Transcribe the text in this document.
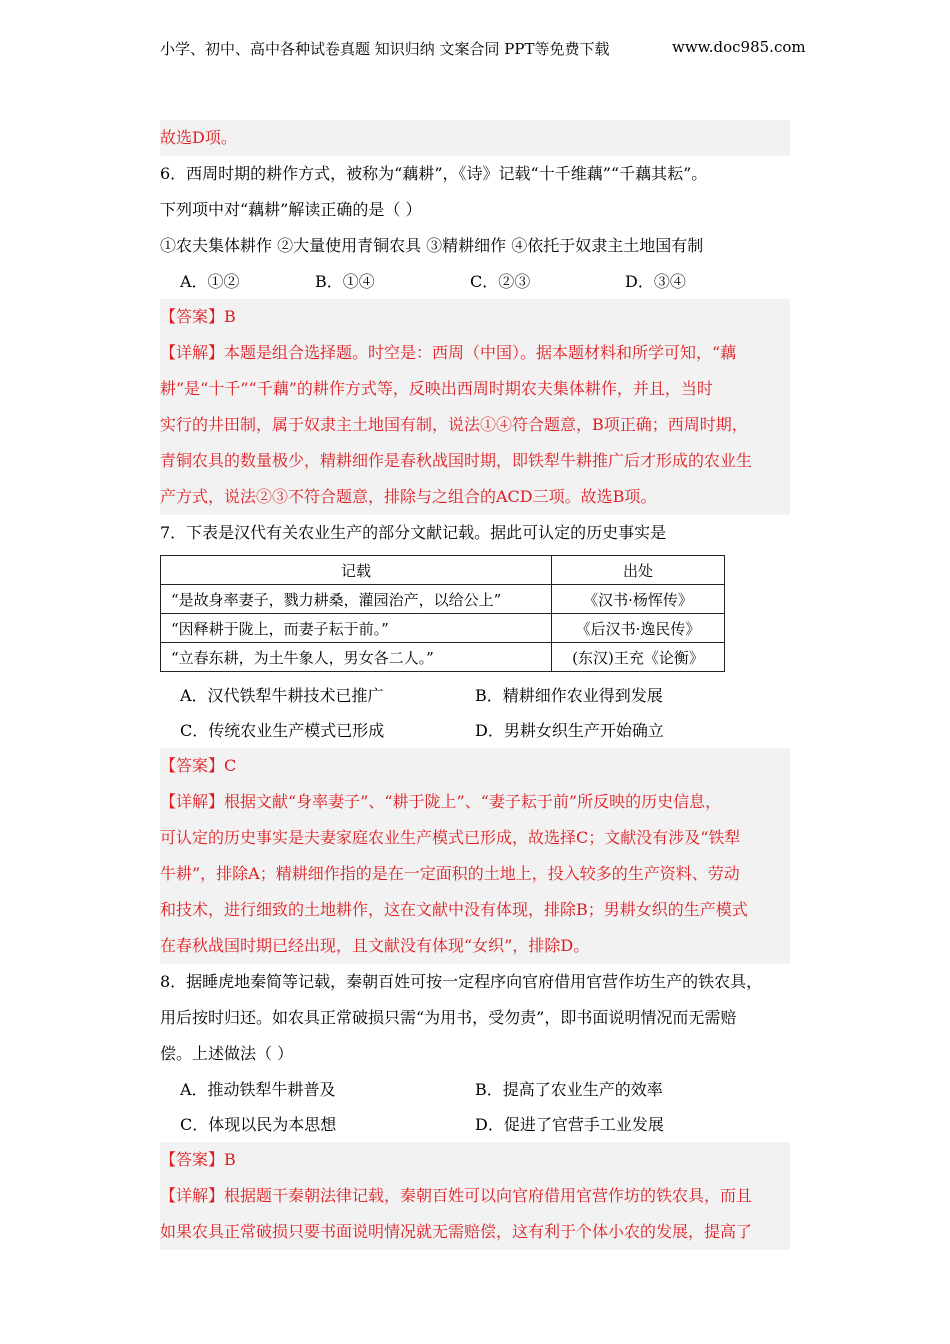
小学、初中、高中各种试卷真题 知识归纳 文案合同 PPT等免费下载	www.doc985.com
故选D项。
6．西周时期的耕作方式，被称为“藕耕”，《诗》记载“十千维藕”“千藕其耘”。
下列项中对“藕耕”解读正确的是（ ）
①农夫集体耕作 ②大量使用青铜农具 ③精耕细作 ④依托于奴隶主土地国有制
A．①②	B．①④	C．②③	D．③④
【答案】B
【详解】本题是组合选择题。时空是：西周（中国）。据本题材料和所学可知，“藕
耕”是“十千”“千藕”的耕作方式等，反映出西周时期农夫集体耕作，并且，当时
实行的井田制，属于奴隶主土地国有制，说法①④符合题意，B项正确；西周时期，
青铜农具的数量极少，精耕细作是春秋战国时期，即铁犁牛耕推广后才形成的农业生
产方式，说法②③不符合题意，排除与之组合的ACD三项。故选B项。
7．下表是汉代有关农业生产的部分文献记载。据此可认定的历史事实是
记载	出处
“是故身率妻子，戮力耕桑，灌园治产，以给公上”	《汉书·杨恽传》
“因释耕于陇上，而妻子耘于前。”	《后汉书·逸民传》
“立春东耕，为土牛象人，男女各二人。”	(东汉)王充《论衡》
A．汉代铁犁牛耕技术已推广	B．精耕细作农业得到发展
C．传统农业生产模式已形成	D．男耕女织生产开始确立
【答案】C
【详解】根据文献“身率妻子”、“耕于陇上”、“妻子耘于前”所反映的历史信息，
可认定的历史事实是夫妻家庭农业生产模式已形成，故选择C；文献没有涉及“铁犁
牛耕”，排除A；精耕细作指的是在一定面积的土地上，投入较多的生产资料、劳动
和技术，进行细致的土地耕作，这在文献中没有体现，排除B；男耕女织的生产模式
在春秋战国时期已经出现，且文献没有体现“女织”，排除D。
8．据睡虎地秦简等记载，秦朝百姓可按一定程序向官府借用官营作坊生产的铁农具，
用后按时归还。如农具正常破损只需“为用书，受勿责”，即书面说明情况而无需赔
偿。上述做法（ ）
A．推动铁犁牛耕普及	B．提高了农业生产的效率
C．体现以民为本思想	D．促进了官营手工业发展
【答案】B
【详解】根据题干秦朝法律记载，秦朝百姓可以向官府借用官营作坊的铁农具，而且
如果农具正常破损只要书面说明情况就无需赔偿，这有利于个体小农的发展，提高了
